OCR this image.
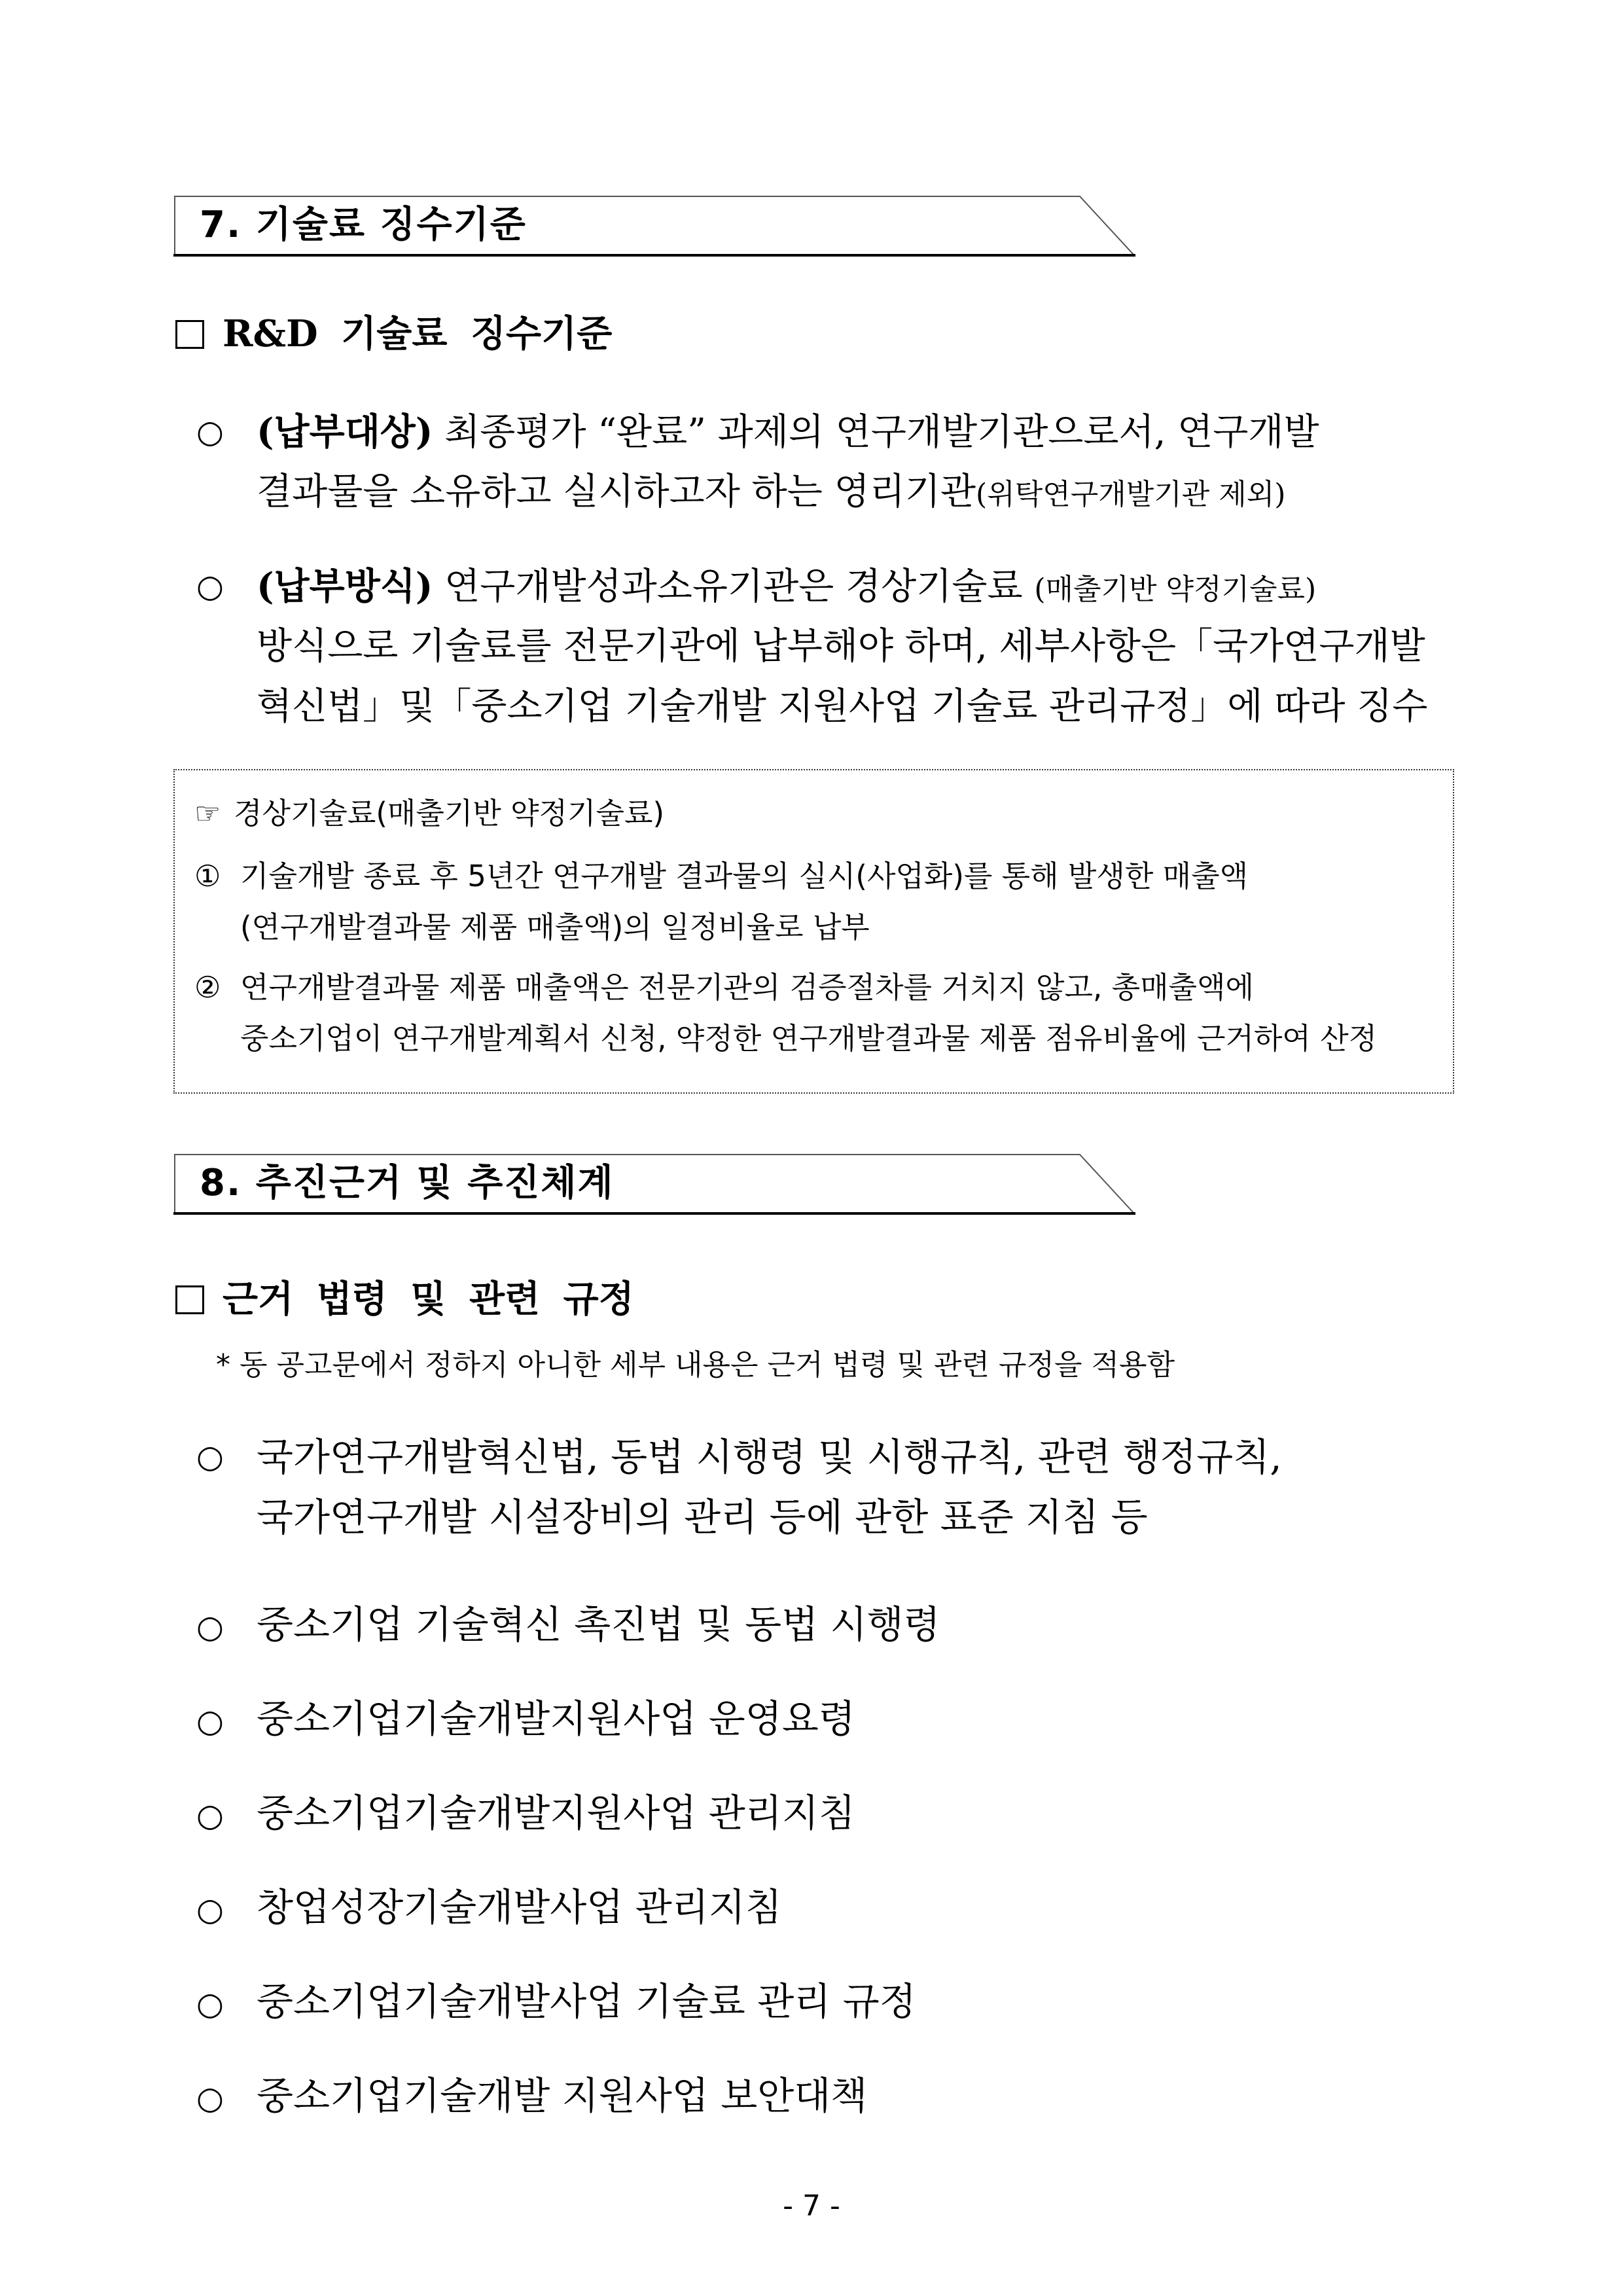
7. 기술료 징수기준
R&D 기술료 징수기준
○ (납부대상) 최종평가 “완료” 과제의 연구개발기관으로서, 연구개발
결과물을 소유하고 실시하고자 하는 영리기관(위탁연구개발기관 제외)
○ (납부방식) 연구개발성과소유기관은 경상기술료 (매출기반 약정기술료)
방식으로 기술료를 전문기관에 납부해야 하며, 세부사항은「국가연구개발
혁신법」및「중소기업 기술개발 지원사업 기술료 관리규정」에 따라 징수
☞ 경상기술료(매출기반 약정기술료)
① 기술개발 종료 후 5년간 연구개발 결과물의 실시(사업화)를 통해 발생한 매출액
(연구개발결과물 제품 매출액)의 일정비율로 납부
② 연구개발결과물 제품 매출액은 전문기관의 검증절차를 거치지 않고, 총매출액에
중소기업이 연구개발계획서 신청, 약정한 연구개발결과물 제품 점유비율에 근거하여 산정
8. 추진근거 및 추진체계
근거 법령 및 관련 규정
* 동 공고문에서 정하지 아니한 세부 내용은 근거 법령 및 관련 규정을 적용함
○ 국가연구개발혁신법, 동법 시행령 및 시행규칙, 관련 행정규칙,
국가연구개발 시설장비의 관리 등에 관한 표준 지침 등
○ 중소기업 기술혁신 촉진법 및 동법 시행령
○ 중소기업기술개발지원사업 운영요령
○ 중소기업기술개발지원사업 관리지침
○ 창업성장기술개발사업 관리지침
○ 중소기업기술개발사업 기술료 관리 규정
○ 중소기업기술개발 지원사업 보안대책
- 7 -
